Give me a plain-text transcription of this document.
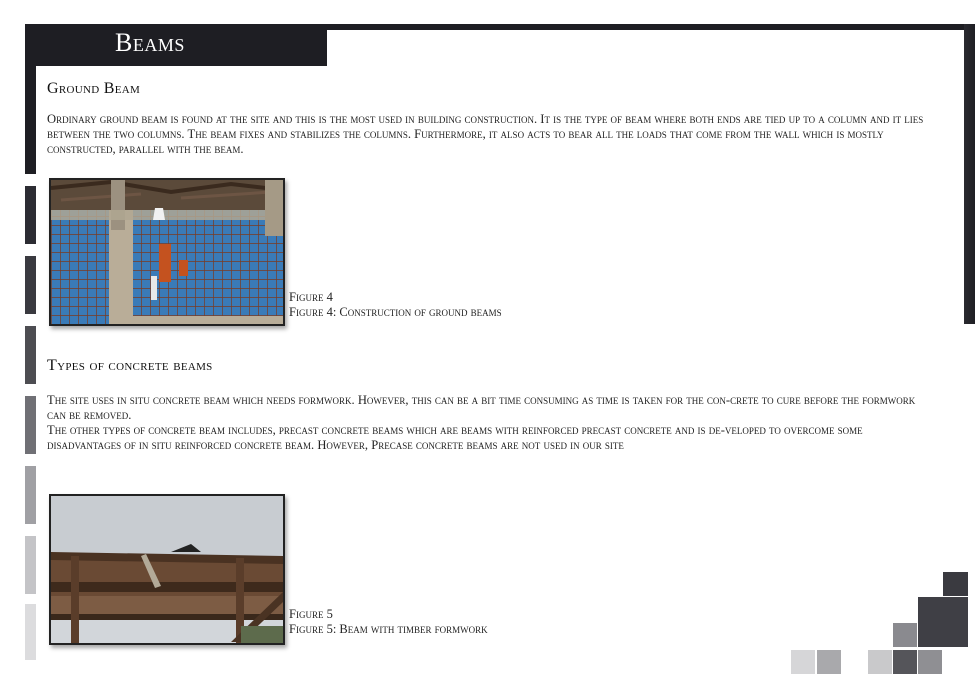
Beams
Ground Beam

Ordinary ground beam is found at the site and this is the most used in building construction. It is the type of beam where both ends are tied up to a column and it lies between the two columns. The beam fixes and stabilizes the columns. Furthermore, it also acts to bear all the loads that come from the wall which is mostly constructed, parallel with the beam.

Figure 4
Figure 4: Construction of ground beams
Types of concrete beams

The site uses in situ concrete beam which needs formwork. However, this can be a bit time consuming as time is taken for the con-crete to cure before the formwork can be removed.

The other types of concrete beam includes, precast concrete beams which are beams with reinforced precast concrete and is de-veloped to overcome some disadvantages of in situ reinforced concrete beam. However, Precase concrete beams are not used in our site

Figure 5
Figure 5: Beam with timber formwork
